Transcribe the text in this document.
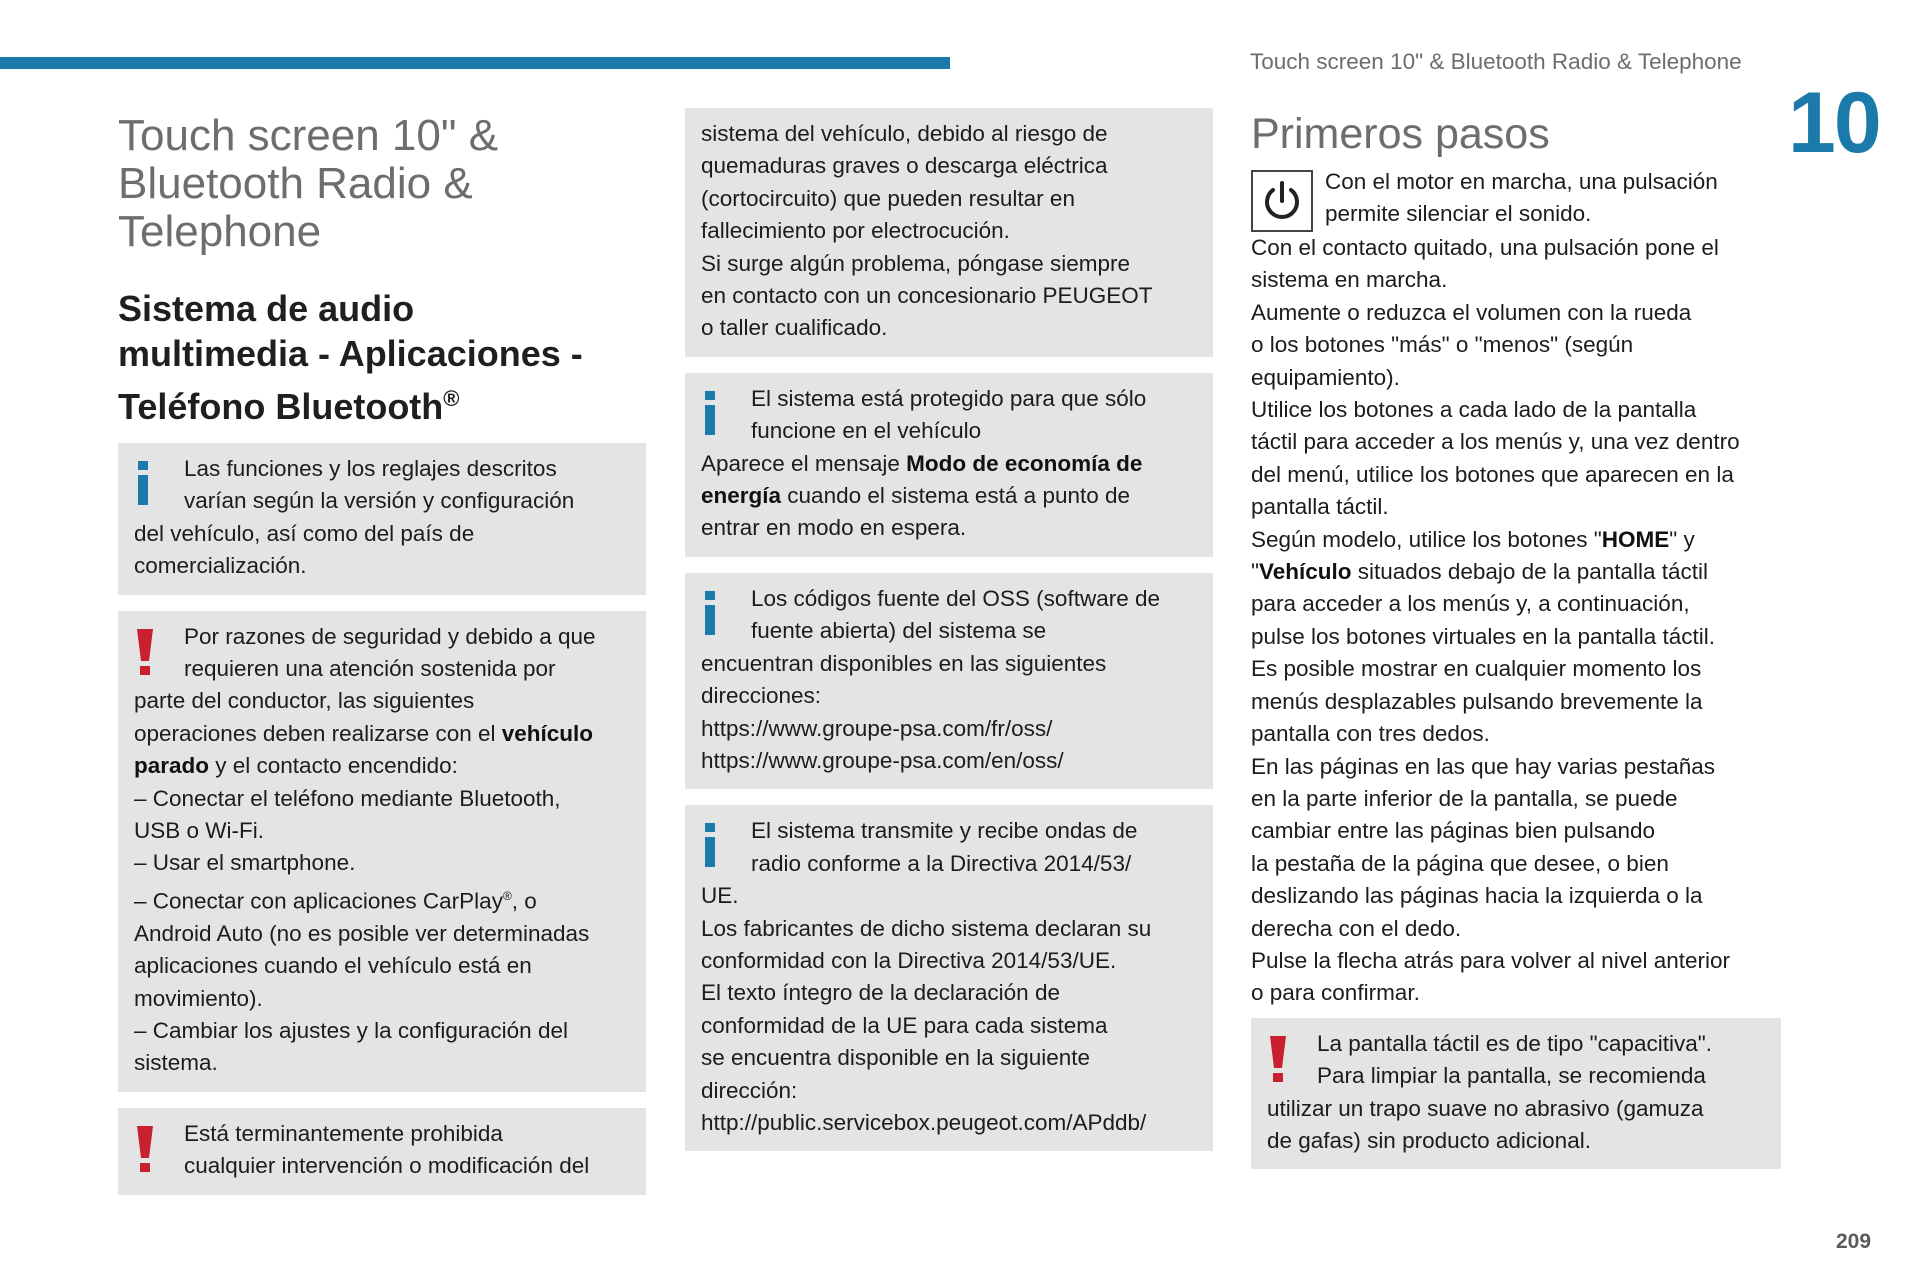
Touch screen 10" & Bluetooth Radio & Telephone
10
Touch screen 10" &
Bluetooth Radio &
Telephone
Sistema de audio
multimedia - Aplicaciones -
Teléfono Bluetooth®

Las funciones y los reglajes descritos

varían según la versión y configuración

del vehículo, así como del país de

comercialización.

Por razones de seguridad y debido a que

requieren una atención sostenida por

parte del conductor, las siguientes

operaciones deben realizarse con el vehículo

parado y el contacto encendido:

– Conectar el teléfono mediante Bluetooth,

USB o Wi-Fi.

– Usar el smartphone.

– Conectar con aplicaciones CarPlay®, o

Android Auto (no es posible ver determinadas

aplicaciones cuando el vehículo está en

movimiento).

– Cambiar los ajustes y la configuración del

sistema.

Está terminantemente prohibida

cualquier intervención o modificación del

sistema del vehículo, debido al riesgo de

quemaduras graves o descarga eléctrica

(cortocircuito) que pueden resultar en

fallecimiento por electrocución.

Si surge algún problema, póngase siempre

en contacto con un concesionario PEUGEOT

o taller cualificado.

El sistema está protegido para que sólo

funcione en el vehículo

Aparece el mensaje Modo de economía de

energía cuando el sistema está a punto de

entrar en modo en espera.

Los códigos fuente del OSS (software de

fuente abierta) del sistema se

encuentran disponibles en las siguientes

direcciones:

https://www.groupe-psa.com/fr/oss/

https://www.groupe-psa.com/en/oss/

El sistema transmite y recibe ondas de

radio conforme a la Directiva 2014/53/

UE.

Los fabricantes de dicho sistema declaran su

conformidad con la Directiva 2014/53/UE.

El texto íntegro de la declaración de

conformidad de la UE para cada sistema

se encuentra disponible en la siguiente

dirección:

http://public.servicebox.peugeot.com/APddb/

Primeros pasos

Con el motor en marcha, una pulsación

permite silenciar el sonido.

Con el contacto quitado, una pulsación pone el

sistema en marcha.

Aumente o reduzca el volumen con la rueda

o los botones "más" o "menos" (según

equipamiento).

Utilice los botones a cada lado de la pantalla

táctil para acceder a los menús y, una vez dentro

del menú, utilice los botones que aparecen en la

pantalla táctil.

Según modelo, utilice los botones "HOME" y

"Vehículo situados debajo de la pantalla táctil

para acceder a los menús y, a continuación,

pulse los botones virtuales en la pantalla táctil.

Es posible mostrar en cualquier momento los

menús desplazables pulsando brevemente la

pantalla con tres dedos.

En las páginas en las que hay varias pestañas

en la parte inferior de la pantalla, se puede

cambiar entre las páginas bien pulsando

la pestaña de la página que desee, o bien

deslizando las páginas hacia la izquierda o la

derecha con el dedo.

Pulse la flecha atrás para volver al nivel anterior

o para confirmar.

La pantalla táctil es de tipo "capacitiva".

Para limpiar la pantalla, se recomienda

utilizar un trapo suave no abrasivo (gamuza

de gafas) sin producto adicional.

209
